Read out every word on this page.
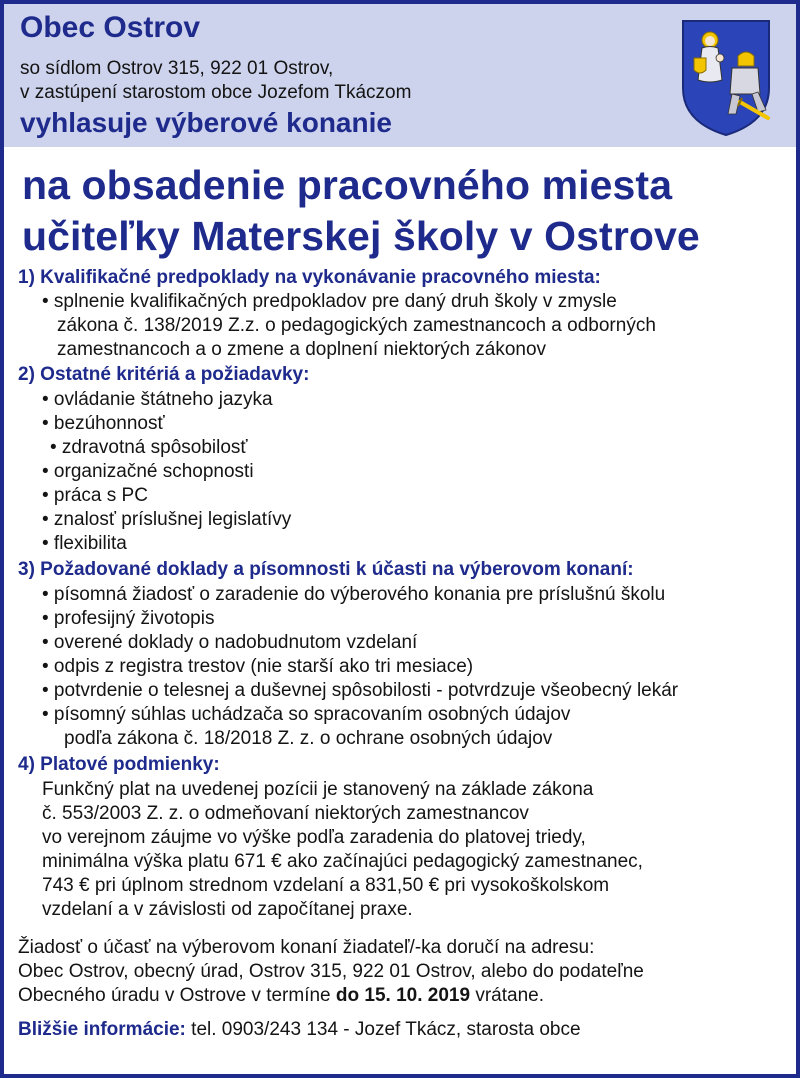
Obec Ostrov
so sídlom Ostrov 315, 922 01 Ostrov,
v zastúpení starostom obce Jozefom Tkáczom
vyhlasuje výberové konanie
na obsadenie pracovného miesta
učiteľky Materskej školy v Ostrove
1) Kvalifikačné predpoklady na vykonávanie pracovného miesta:
• splnenie kvalifikačných predpokladov pre daný druh školy v zmysle
zákona č. 138/2019 Z.z. o pedagogických zamestnancoch a odborných
zamestnancoch a o zmene a doplnení niektorých zákonov
2) Ostatné kritériá a požiadavky:
• ovládanie štátneho jazyka
• bezúhonnosť
• zdravotná spôsobilosť
• organizačné schopnosti
• práca s PC
• znalosť príslušnej legislatívy
• flexibilita
3) Požadované doklady a písomnosti k účasti na výberovom konaní:
• písomná žiadosť o zaradenie do výberového konania pre príslušnú školu
• profesijný životopis
• overené doklady o nadobudnutom vzdelaní
• odpis z registra trestov (nie starší ako tri mesiace)
• potvrdenie o telesnej a duševnej spôsobilosti - potvrdzuje všeobecný lekár
• písomný súhlas uchádzača so spracovaním osobných údajov
podľa zákona č. 18/2018 Z. z. o ochrane osobných údajov
4) Platové podmienky:
Funkčný plat na uvedenej pozícii je stanovený na základe zákona
č. 553/2003 Z. z. o odmeňovaní niektorých zamestnancov
vo verejnom záujme vo výške podľa zaradenia do platovej triedy,
minimálna výška platu 671 € ako začínajúci pedagogický zamestnanec,
743 € pri úplnom strednom vzdelaní a 831,50 € pri vysokoškolskom
vzdelaní a v závislosti od započítanej praxe.
Žiadosť o účasť na výberovom konaní žiadateľ/-ka doručí na adresu:
Obec Ostrov, obecný úrad, Ostrov 315, 922 01 Ostrov, alebo do podateľne
Obecného úradu v Ostrove v termíne do 15. 10. 2019 vrátane.
Bližšie informácie: tel. 0903/243 134 - Jozef Tkácz, starosta obce
